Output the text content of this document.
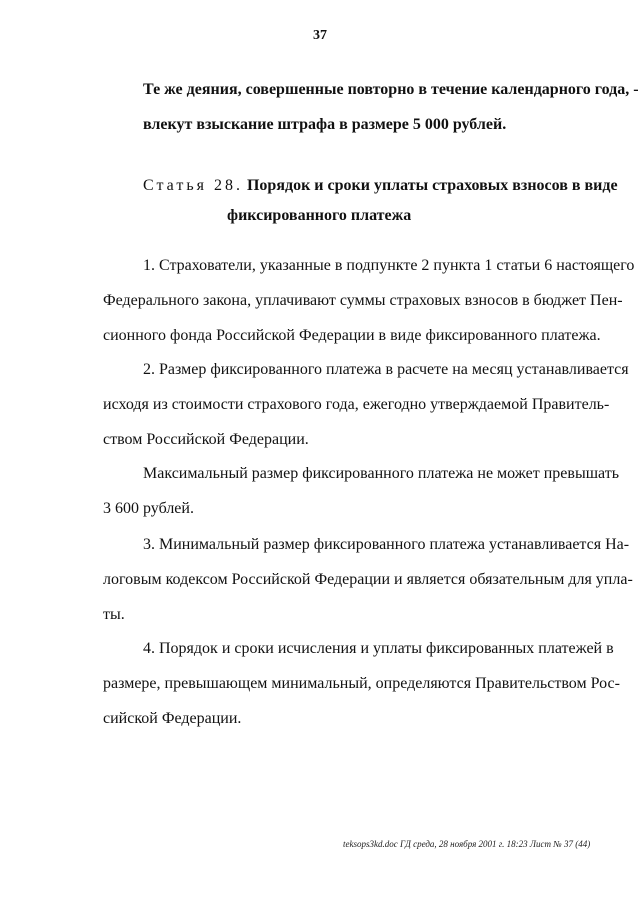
37
Те же деяния, совершенные повторно в течение календарного года, -
влекут взыскание штрафа в размере 5 000 рублей.
Статья 28. Порядок и сроки уплаты страховых взносов в виде
фиксированного платежа
1. Страхователи, указанные в подпункте 2 пункта 1 статьи 6 настоящего
Федерального закона, уплачивают суммы страховых взносов в бюджет Пен-
сионного фонда Российской Федерации в виде фиксированного платежа.
2. Размер фиксированного платежа в расчете на месяц устанавливается
исходя из стоимости страхового года, ежегодно утверждаемой Правитель-
ством Российской Федерации.
Максимальный размер фиксированного платежа не может превышать
3 600 рублей.
3. Минимальный размер фиксированного платежа устанавливается На-
логовым кодексом Российской Федерации и является обязательным для упла-
ты.
4. Порядок и сроки исчисления и уплаты фиксированных платежей в
размере, превышающем минимальный, определяются Правительством Рос-
сийской Федерации.
teksops3kd.doc ГД среда, 28 ноября 2001 г. 18:23 Лист № 37 (44)
